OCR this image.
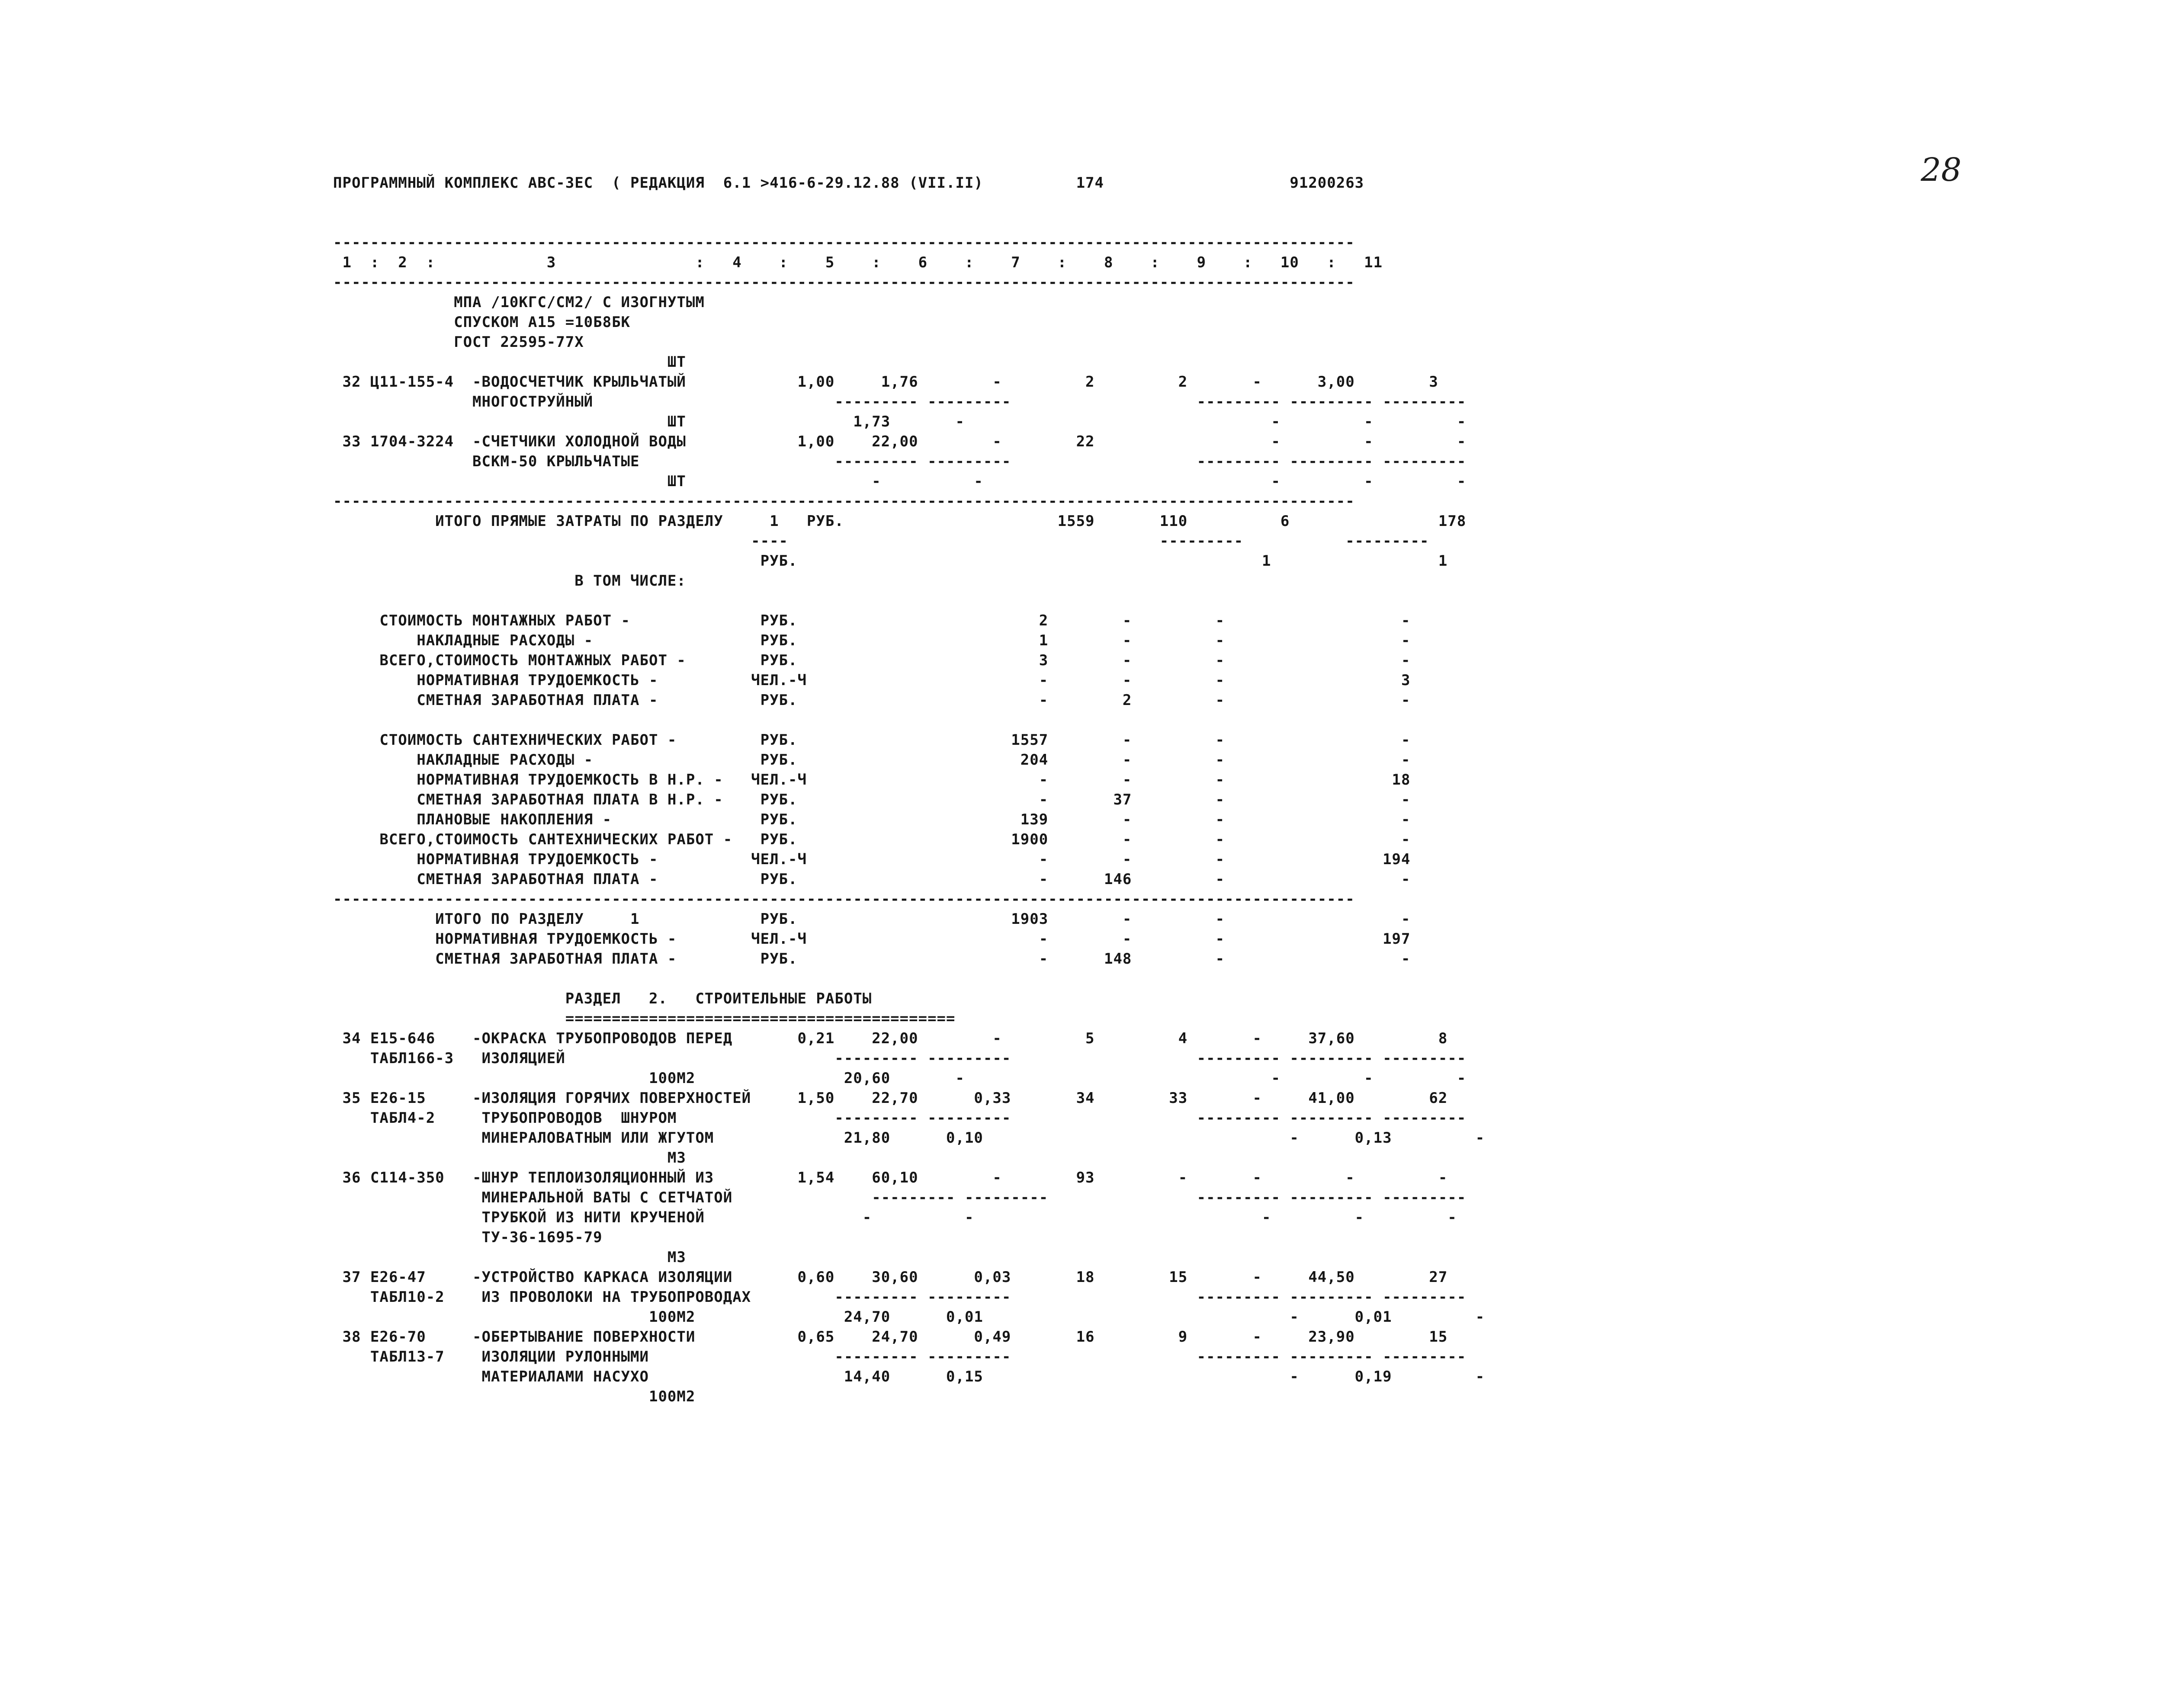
28
ПРОГРАММНЫЙ КОМПЛЕКС АВС-3ЕС  ( РЕДАКЦИЯ  6.1 >416-6-29.12.88 (VII.II)          174                    91200263
--------------------------------------------------------------------------------------------------------------
1  :  2  :            3               :   4    :    5    :    6    :    7    :    8    :    9    :   10   :   11
--------------------------------------------------------------------------------------------------------------
МПА /10КГС/СМ2/ С ИЗОГНУТЫМ
СПУСКОМ А15 =10Б8БК
ГОСТ 22595-77Х
ШТ
32 Ц11-155-4  -ВОДОСЧЕТЧИК КРЫЛЬЧАТЫЙ            1,00     1,76        -         2         2       -      3,00        3
МНОГОСТРУЙНЫЙ                          --------- ---------                    --------- --------- ---------
ШТ                  1,73       -                                 -         -         -
33 1704-3224  -СЧЕТЧИКИ ХОЛОДНОЙ ВОДЫ            1,00    22,00        -        22                   -         -         -
ВСКМ-50 КРЫЛЬЧАТЫЕ                     --------- ---------                    --------- --------- ---------
ШТ                    -          -                               -         -         -
--------------------------------------------------------------------------------------------------------------
ИТОГО ПРЯМЫЕ ЗАТРАТЫ ПО РАЗДЕЛУ     1   РУБ.                       1559       110          6                178
----                                        ---------           ---------
РУБ.                                                  1                  1
В ТОМ ЧИСЛЕ:
СТОИМОСТЬ МОНТАЖНЫХ РАБОТ -              РУБ.                          2        -         -                   -
НАКЛАДНЫЕ РАСХОДЫ -                  РУБ.                          1        -         -                   -
ВСЕГО,СТОИМОСТЬ МОНТАЖНЫХ РАБОТ -        РУБ.                          3        -         -                   -
НОРМАТИВНАЯ ТРУДОЕМКОСТЬ -          ЧЕЛ.-Ч                         -        -         -                   3
СМЕТНАЯ ЗАРАБОТНАЯ ПЛАТА -           РУБ.                          -        2         -                   -
СТОИМОСТЬ САНТЕХНИЧЕСКИХ РАБОТ -         РУБ.                       1557        -         -                   -
НАКЛАДНЫЕ РАСХОДЫ -                  РУБ.                        204        -         -                   -
НОРМАТИВНАЯ ТРУДОЕМКОСТЬ В Н.Р. -   ЧЕЛ.-Ч                         -        -         -                  18
СМЕТНАЯ ЗАРАБОТНАЯ ПЛАТА В Н.Р. -    РУБ.                          -       37         -                   -
ПЛАНОВЫЕ НАКОПЛЕНИЯ -                РУБ.                        139        -         -                   -
ВСЕГО,СТОИМОСТЬ САНТЕХНИЧЕСКИХ РАБОТ -   РУБ.                       1900        -         -                   -
НОРМАТИВНАЯ ТРУДОЕМКОСТЬ -          ЧЕЛ.-Ч                         -        -         -                 194
СМЕТНАЯ ЗАРАБОТНАЯ ПЛАТА -           РУБ.                          -      146         -                   -
--------------------------------------------------------------------------------------------------------------
ИТОГО ПО РАЗДЕЛУ     1             РУБ.                       1903        -         -                   -
НОРМАТИВНАЯ ТРУДОЕМКОСТЬ -        ЧЕЛ.-Ч                         -        -         -                 197
СМЕТНАЯ ЗАРАБОТНАЯ ПЛАТА -         РУБ.                          -      148         -                   -
РАЗДЕЛ   2.   СТРОИТЕЛЬНЫЕ РАБОТЫ
==========================================
34 Е15-646    -ОКРАСКА ТРУБОПРОВОДОВ ПЕРЕД       0,21    22,00        -         5         4       -     37,60         8
ТАБЛ166-3   ИЗОЛЯЦИЕЙ                             --------- ---------                    --------- --------- ---------
100М2                20,60       -                                 -         -         -
35 Е26-15     -ИЗОЛЯЦИЯ ГОРЯЧИХ ПОВЕРХНОСТЕЙ     1,50    22,70      0,33       34        33       -     41,00        62
ТАБЛ4-2     ТРУБОПРОВОДОВ  ШНУРОМ                 --------- ---------                    --------- --------- ---------
МИНЕРАЛОВАТНЫМ ИЛИ ЖГУТОМ              21,80      0,10                                 -      0,13         -
М3
36 С114-350   -ШНУР ТЕПЛОИЗОЛЯЦИОННЫЙ ИЗ         1,54    60,10        -        93         -       -         -         -
МИНЕРАЛЬНОЙ ВАТЫ С СЕТЧАТОЙ               --------- ---------                --------- --------- ---------
ТРУБКОЙ ИЗ НИТИ КРУЧЕНОЙ                 -          -                               -         -         -
ТУ-36-1695-79
М3
37 Е26-47     -УСТРОЙСТВО КАРКАСА ИЗОЛЯЦИИ       0,60    30,60      0,03       18        15       -     44,50        27
ТАБЛ10-2    ИЗ ПРОВОЛОКИ НА ТРУБОПРОВОДАХ         --------- ---------                    --------- --------- ---------
100М2                24,70      0,01                                 -      0,01         -
38 Е26-70     -ОБЕРТЫВАНИЕ ПОВЕРХНОСТИ           0,65    24,70      0,49       16         9       -     23,90        15
ТАБЛ13-7    ИЗОЛЯЦИИ РУЛОННЫМИ                    --------- ---------                    --------- --------- ---------
МАТЕРИАЛАМИ НАСУХО                     14,40      0,15                                 -      0,19         -
100М2
